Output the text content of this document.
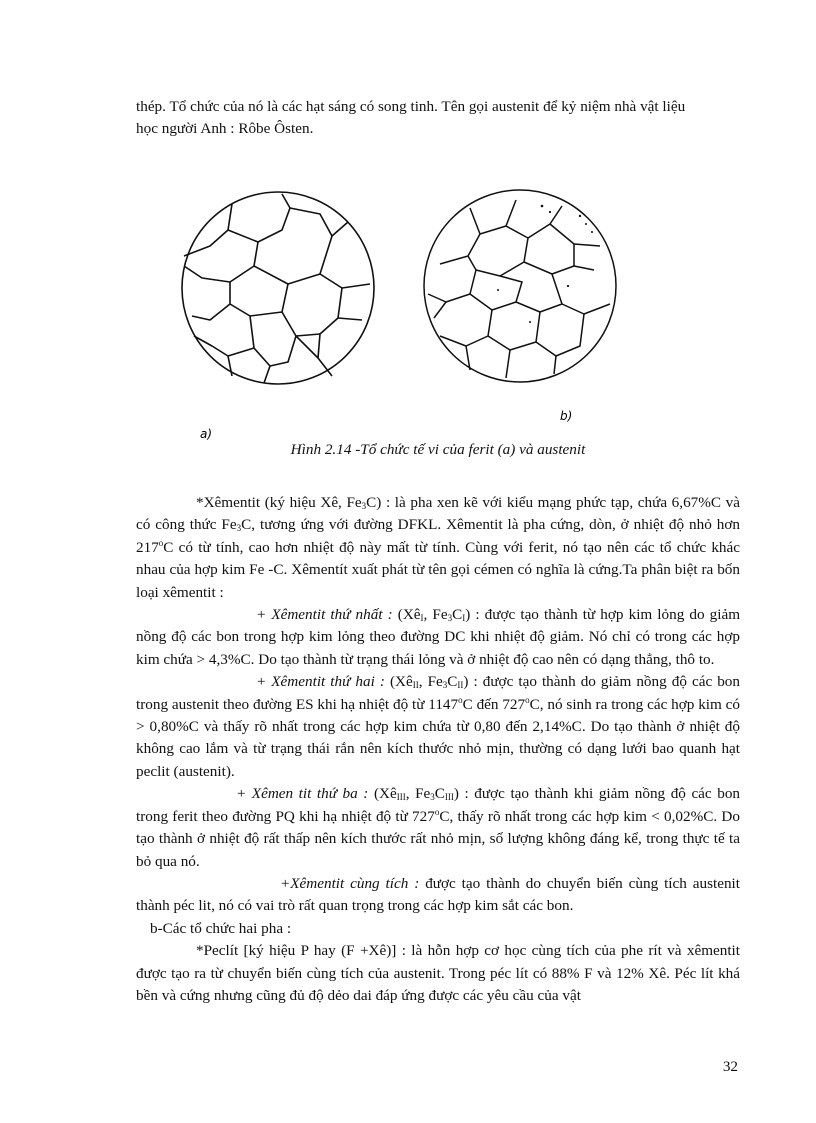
thép. Tổ chức của nó là các hạt sáng có song tinh. Tên gọi austenit để kỷ niệm nhà vật liệu

học người Anh : Rôbe Ôsten.

a)
b)
Hình 2.14 -Tổ chức tế vi của ferit (a) và austenit

*Xêmentit (ký hiệu Xê, $Fe_3C$) : là pha xen kẽ với kiểu mạng phức tạp, chứa 6,67%C và có công thức $Fe_3C$, tương ứng với đường DFKL. Xêmentit là pha cứng, dòn, ở nhiệt độ nhỏ hơn 217$^o$C có từ tính, cao hơn nhiệt độ này mất từ tính. Cùng với ferit, nó tạo nên các tổ chức khác nhau của hợp kim Fe -C. Xêmentít xuất phát từ tên gọi cémen có nghĩa là cứng.Ta phân biệt ra bốn loại xêmentit :

+ Xêmentit thứ nhất : ($Xê_I$, $Fe_3C_I$) : được tạo thành từ hợp kim lỏng do giảm nồng độ các bon trong hợp kim lỏng theo đường DC khi nhiệt độ giảm. Nó chỉ có trong các hợp kim chứa > 4,3%C. Do tạo thành từ trạng thái lỏng và ở nhiệt độ cao nên có dạng thẳng, thô to.

+ Xêmentit thứ hai : ($Xê_{II}$, $Fe_3C_{II}$) : được tạo thành do giảm nồng độ các bon trong austenit theo đường ES khi hạ nhiệt độ từ 1147$^o$C đến 727$^o$C, nó sinh ra trong các hợp kim có > 0,80%C và thấy rõ nhất trong các hợp kim chứa từ 0,80 đến 2,14%C. Do tạo thành ở nhiệt độ không cao lắm và từ trạng thái rắn nên kích thước nhỏ mịn, thường có dạng lưới bao quanh hạt peclit (austenit).

+ Xêmen tit thứ ba : ($Xê_{III}$, $Fe_3C_{III}$) : được tạo thành khi giảm nồng độ các bon trong ferit theo đường PQ khi hạ nhiệt độ từ 727$^o$C, thấy rõ nhất trong các hợp kim < 0,02%C. Do tạo thành ở nhiệt độ rất thấp nên kích thước rất nhỏ mịn, số lượng không đáng kể, trong thực tế ta bỏ qua nó.

+Xêmentit cùng tích : được tạo thành do chuyển biến cùng tích austenit thành péc lit, nó có vai trò rất quan trọng trong các hợp kim sắt các bon.

b-Các tổ chức hai pha :

*Peclít [ký hiệu P hay (F +Xê)] : là hỗn hợp cơ học cùng tích của phe rít và xêmentit được tạo ra từ chuyển biến cùng tích của austenit. Trong péc lít có 88% F và 12% Xê. Péc lít khá bền và cứng nhưng cũng đủ độ dẻo dai đáp ứng được các yêu cầu của vật

32
